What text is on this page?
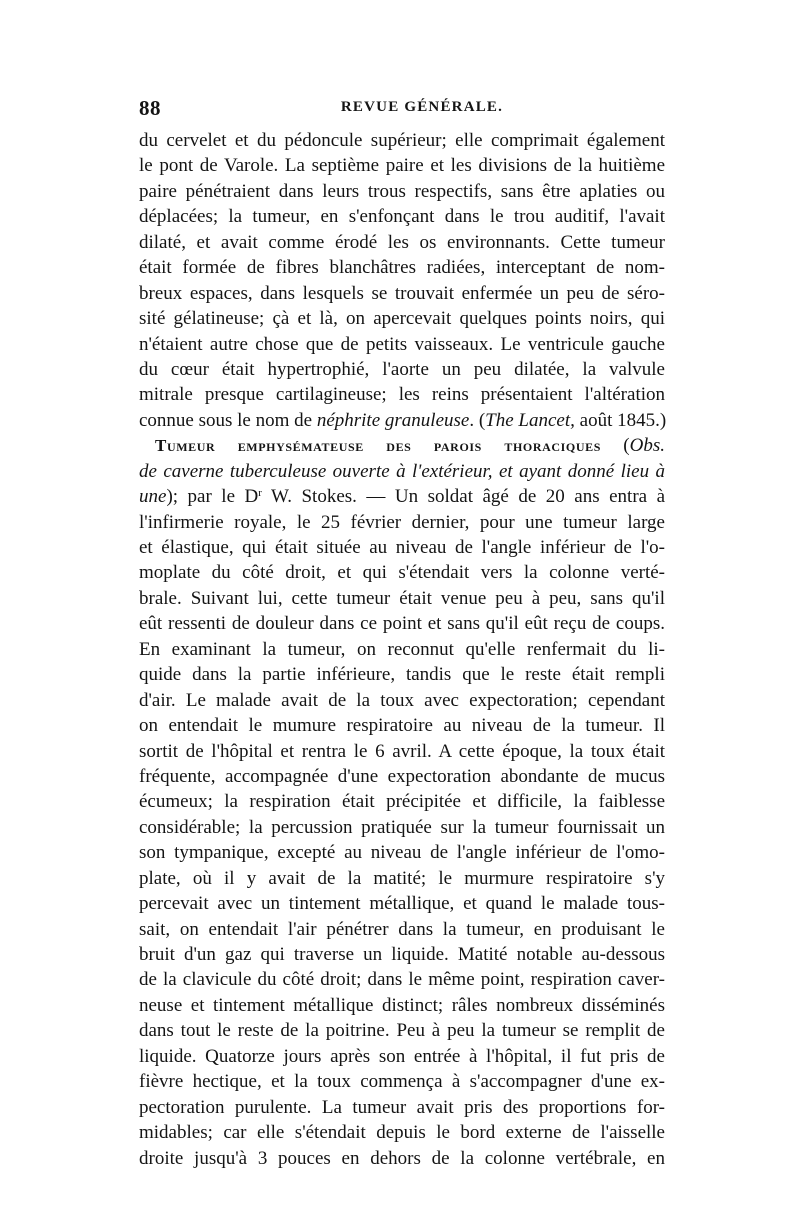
88	REVUE GÉNÉRALE.
du cervelet et du pédoncule supérieur; elle comprimait également
le pont de Varole. La septième paire et les divisions de la huitième
paire pénétraient dans leurs trous respectifs, sans être aplaties ou
déplacées; la tumeur, en s'enfonçant dans le trou auditif, l'avait
dilaté, et avait comme érodé les os environnants. Cette tumeur
était formée de fibres blanchâtres radiées, interceptant de nom-
breux espaces, dans lesquels se trouvait enfermée un peu de séro-
sité gélatineuse; çà et là, on apercevait quelques points noirs, qui
n'étaient autre chose que de petits vaisseaux. Le ventricule gauche
du cœur était hypertrophié, l'aorte un peu dilatée, la valvule
mitrale presque cartilagineuse; les reins présentaient l'altération
connue sous le nom de néphrite granuleuse. (The Lancet, août 1845.)
Tumeur emphysémateuse des parois thoraciques (Obs.
de caverne tuberculeuse ouverte à l'extérieur, et ayant donné lieu à
une); par le $D^r$ W. Stokes. — Un soldat âgé de 20 ans entra à
l'infirmerie royale, le 25 février dernier, pour une tumeur large
et élastique, qui était située au niveau de l'angle inférieur de l'o-
moplate du côté droit, et qui s'étendait vers la colonne verté-
brale. Suivant lui, cette tumeur était venue peu à peu, sans qu'il
eût ressenti de douleur dans ce point et sans qu'il eût reçu de coups.
En examinant la tumeur, on reconnut qu'elle renfermait du li-
quide dans la partie inférieure, tandis que le reste était rempli
d'air. Le malade avait de la toux avec expectoration; cependant
on entendait le mumure respiratoire au niveau de la tumeur. Il
sortit de l'hôpital et rentra le 6 avril. A cette époque, la toux était
fréquente, accompagnée d'une expectoration abondante de mucus
écumeux; la respiration était précipitée et difficile, la faiblesse
considérable; la percussion pratiquée sur la tumeur fournissait un
son tympanique, excepté au niveau de l'angle inférieur de l'omo-
plate, où il y avait de la matité; le murmure respiratoire s'y
percevait avec un tintement métallique, et quand le malade tous-
sait, on entendait l'air pénétrer dans la tumeur, en produisant le
bruit d'un gaz qui traverse un liquide. Matité notable au-dessous
de la clavicule du côté droit; dans le même point, respiration caver-
neuse et tintement métallique distinct; râles nombreux disséminés
dans tout le reste de la poitrine. Peu à peu la tumeur se remplit de
liquide. Quatorze jours après son entrée à l'hôpital, il fut pris de
fièvre hectique, et la toux commença à s'accompagner d'une ex-
pectoration purulente. La tumeur avait pris des proportions for-
midables; car elle s'étendait depuis le bord externe de l'aisselle
droite jusqu'à 3 pouces en dehors de la colonne vertébrale, en
